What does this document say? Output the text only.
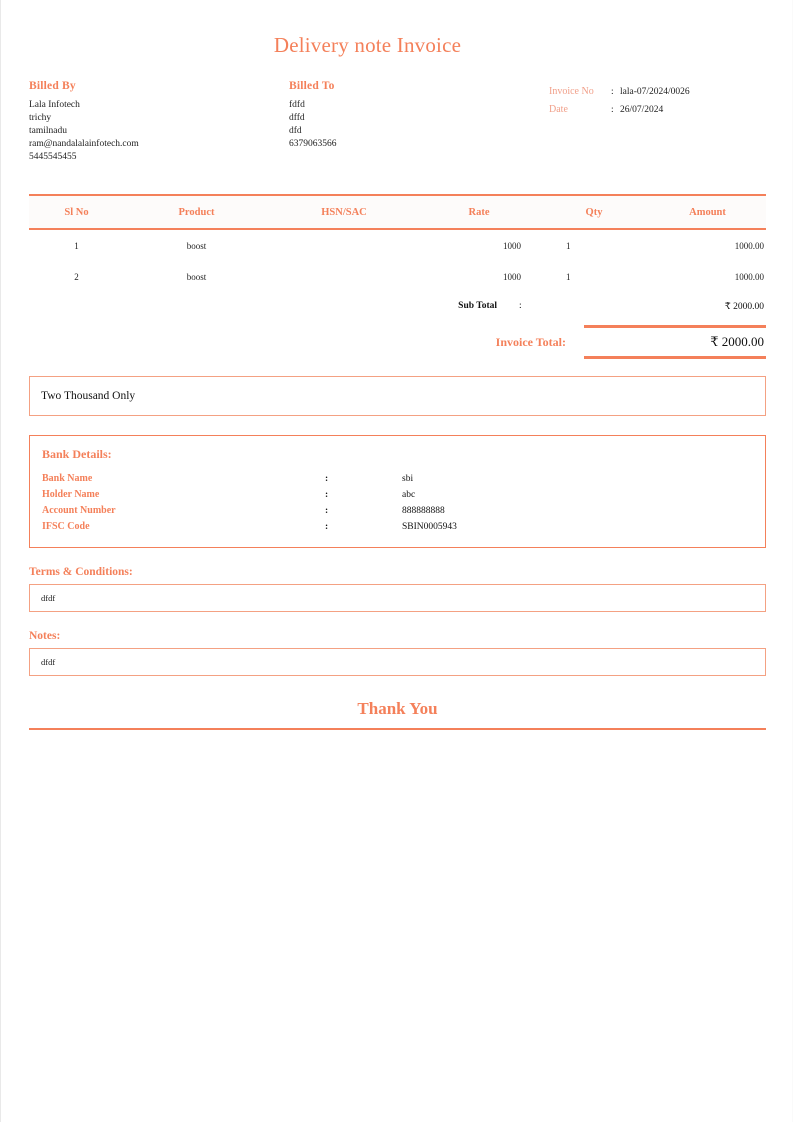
Delivery note Invoice
Billed By
Lala Infotech
trichy
tamilnadu
ram@nandalalainfotech.com
5445545455
Billed To
fdfd
dffd
dfd
6379063566
Invoice No	: lala-07/2024/0026
Date	: 26/07/2024
Sl No	Product	HSN/SAC	Rate	Qty	Amount
1	boost		1000	1	1000.00
2	boost		1000	1	1000.00
Sub Total	:	₹ 2000.00
Invoice Total:	₹ 2000.00
Two Thousand Only
Bank Details:
Bank Name	:	sbi
Holder Name	:	abc
Account Number	:	888888888
IFSC Code	:	SBIN0005943
Terms & Conditions:
dfdf
Notes:
dfdf
Thank You
